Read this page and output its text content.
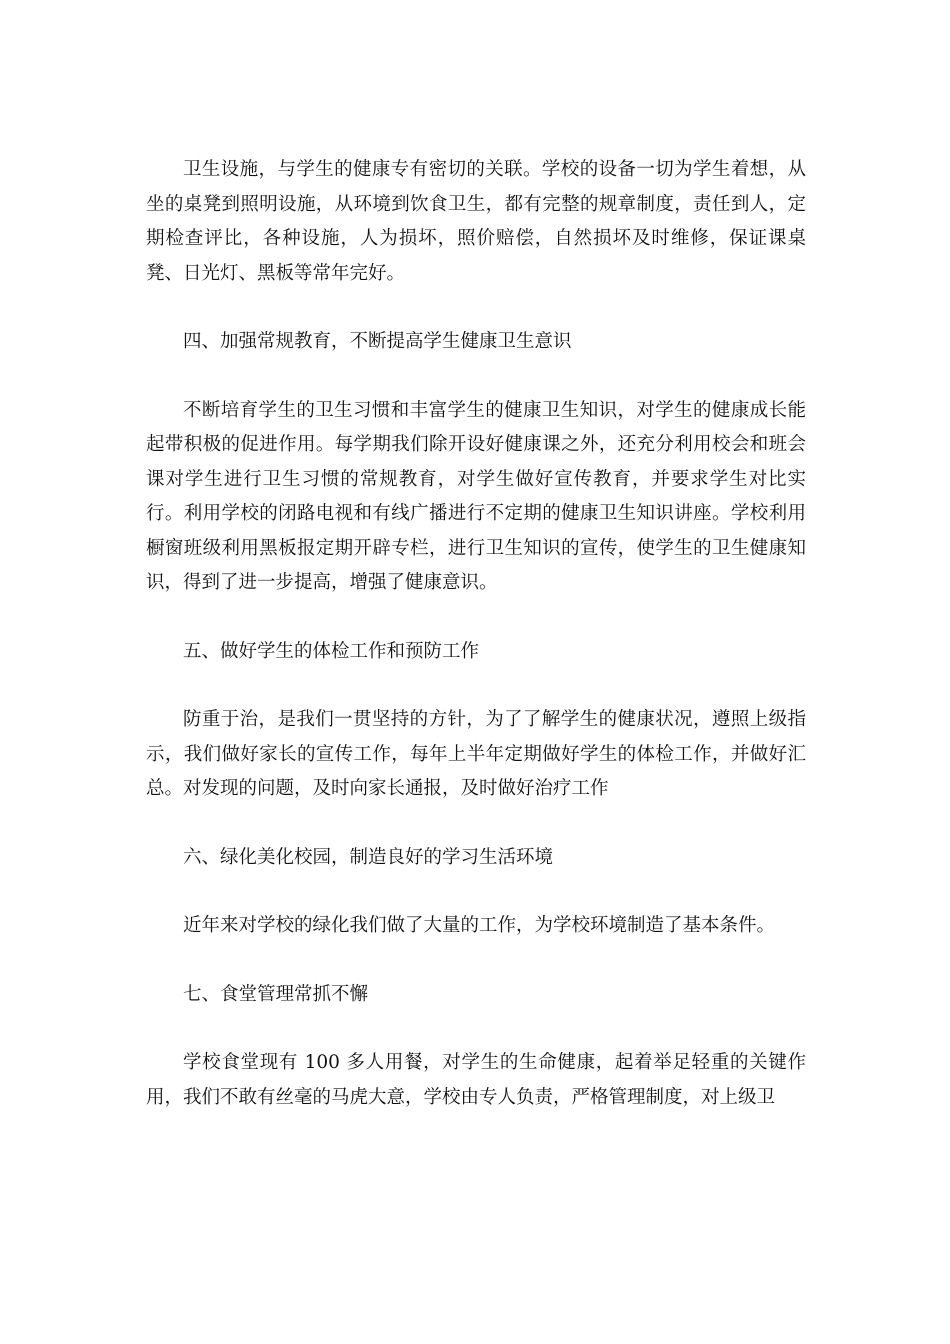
卫生设施，与学生的健康专有密切的关联。学校的设备一切为学生着想，从坐的桌凳到照明设施，从环境到饮食卫生，都有完整的规章制度，责任到人，定期检查评比，各种设施，人为损坏，照价赔偿，自然损坏及时维修，保证课桌凳、日光灯、黑板等常年完好。

四、加强常规教育，不断提高学生健康卫生意识

不断培育学生的卫生习惯和丰富学生的健康卫生知识，对学生的健康成长能起带积极的促进作用。每学期我们除开设好健康课之外，还充分利用校会和班会课对学生进行卫生习惯的常规教育，对学生做好宣传教育，并要求学生对比实行。利用学校的闭路电视和有线广播进行不定期的健康卫生知识讲座。学校利用橱窗班级利用黑板报定期开辟专栏，进行卫生知识的宣传，使学生的卫生健康知识，得到了进一步提高，增强了健康意识。

五、做好学生的体检工作和预防工作

防重于治，是我们一贯坚持的方针，为了了解学生的健康状况，遵照上级指示，我们做好家长的宣传工作，每年上半年定期做好学生的体检工作，并做好汇总。对发现的问题，及时向家长通报，及时做好治疗工作

六、绿化美化校园，制造良好的学习生活环境

近年来对学校的绿化我们做了大量的工作，为学校环境制造了基本条件。

七、食堂管理常抓不懈

学校食堂现有 100 多人用餐，对学生的生命健康，起着举足轻重的关键作用，我们不敢有丝毫的马虎大意，学校由专人负责，严格管理制度，对上级卫
